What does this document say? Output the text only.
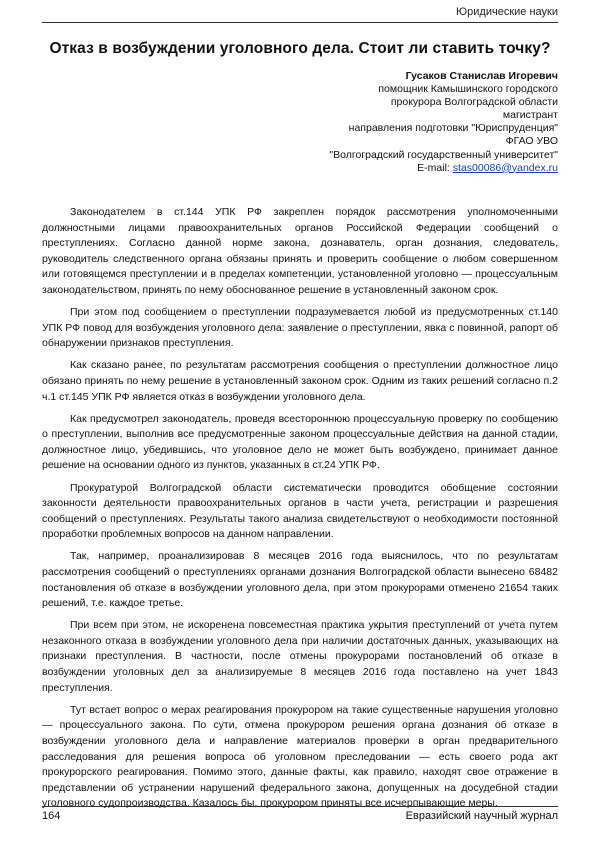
Юридические науки
Отказ в возбуждении уголовного дела. Стоит ли ставить точку?
Гусаков Станислав Игоревич
помощник Камышинского городского
прокурора Волгоградской области
магистрант
направления подготовки "Юриспруденция"
ФГАО УВО
"Волгоградский государственный университет"
E-mail: stas00086@yandex.ru

Законодателем в ст.144 УПК РФ закреплен порядок рассмотрения уполномоченными должностными лицами правоохранительных органов Российской Федерации сообщений о преступлениях. Согласно данной норме закона, дознаватель, орган дознания, следователь, руководитель следственного органа обязаны принять и проверить сообщение о любом совершенном или готовящемся преступлении и в пределах компетенции, установленной уголовно — процессуальным законодательством, принять по нему обоснованное решение в установленный законом срок.

При этом под сообщением о преступлении подразумевается любой из предусмотренных ст.140 УПК РФ повод для возбуждения уголовного дела: заявление о преступлении, явка с повинной, рапорт об обнаружении признаков преступления.

Как сказано ранее, по результатам рассмотрения сообщения о преступлении должностное лицо обязано принять по нему решение в установленный законом срок. Одним из таких решений согласно п.2 ч.1 ст.145 УПК РФ является отказ в возбуждении уголовного дела.

Как предусмотрел законодатель, проведя всестороннюю процессуальную проверку по сообщению о преступлении, выполнив все предусмотренные законом процессуальные действия на данной стадии, должностное лицо, убедившись, что уголовное дело не может быть возбуждено, принимает данное решение на основании одного из пунктов, указанных в ст.24 УПК РФ.

Прокуратурой Волгоградской области систематически проводится обобщение состоянии законности деятельности правоохранительных органов в части учета, регистрации и разрешения сообщений о преступлениях. Результаты такого анализа свидетельствуют о необходимости постоянной проработки проблемных вопросов на данном направлении.

Так, например, проанализировав 8 месяцев 2016 года выяснилось, что по результатам рассмотрения сообщений о преступлениях органами дознания Волгоградской области вынесено 68482 постановления об отказе в возбуждении уголовного дела, при этом прокурорами отменено 21654 таких решений, т.е. каждое третье.

При всем при этом, не искоренена повсеместная практика укрытия преступлений от учета путем незаконного отказа в возбуждении уголовного дела при наличии достаточных данных, указывающих на признаки преступления. В частности, после отмены прокурорами постановлений об отказе в возбуждении уголовных дел за анализируемые 8 месяцев 2016 года поставлено на учет 1843 преступления.

Тут встает вопрос о мерах реагирования прокурором на такие существенные нарушения уголовно — процессуального закона. По сути, отмена прокурором решения органа дознания об отказе в возбуждении уголовного дела и направление материалов проверки в орган предварительного расследования для решения вопроса об уголовном преследовании — есть своего рода акт прокурорского реагирования. Помимо этого, данные факты, как правило, находят свое отражение в представлении об устранении нарушений федерального закона, допущенных на досудебной стадии уголовного судопроизводства. Казалось бы, прокурором приняты все исчерпывающие меры.

164	Евразийский научный журнал
